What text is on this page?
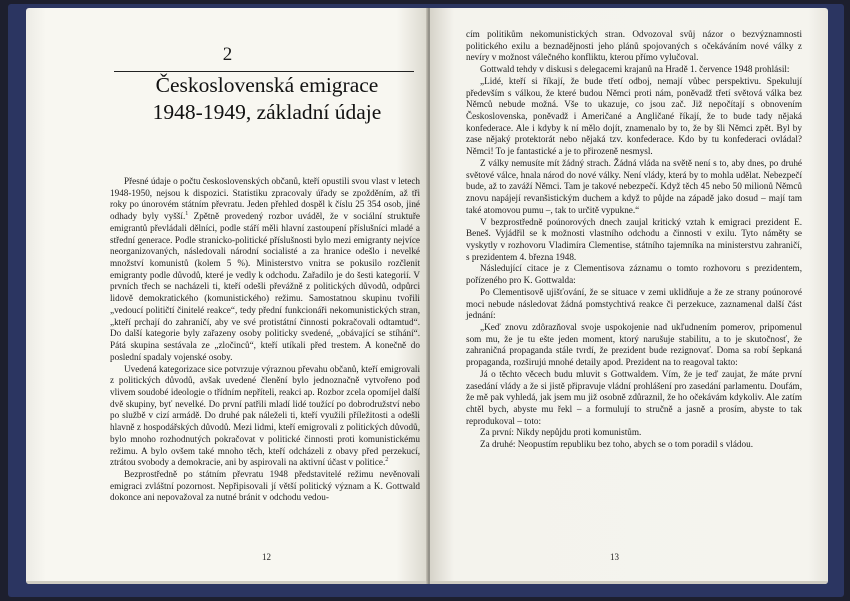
2
Československá emigrace
1948-1949, základní údaje

Přesné údaje o počtu československých občanů, kteří opustili svou vlast v letech 1948-1950, nejsou k dispozici. Statistiku zpracovaly úřady se zpožděním, až tři roky po únorovém státním převratu. Jeden přehled dospěl k číslu 25 354 osob, jiné odhady byly vyšší.$^1$ Zpětně provedený rozbor uváděl, že v sociální struktuře emigrantů převládali dělníci, podle stáří měli hlavní zastoupení příslušníci mladé a střední generace. Podle stranicko-politické příslušnosti bylo mezi emigranty nejvíce neorganizovaných, následovali národní socialisté a za hranice odešlo i nevelké množství komunistů (kolem 5 %). Ministerstvo vnitra se pokusilo rozčlenit emigranty podle důvodů, které je vedly k odchodu. Zařadilo je do šesti kategorií. V prvních třech se nacházeli ti, kteří odešli převážně z politických důvodů, odpůrci lidově demokratického (komunistického) režimu. Samostatnou skupinu tvořili „vedoucí političtí činitelé reakce“, tedy přední funkcionáři nekomunistických stran, „kteří prchají do zahraničí, aby ve své protistátní činnosti pokračovali odtamtud“. Do další kategorie byly zařazeny osoby politicky svedené, „obávající se stíhání“. Pátá skupina sestávala ze „zločinců“, kteří utíkali před trestem. A konečně do poslední spadaly vojenské osoby.

Uvedená kategorizace sice potvrzuje výraznou převahu občanů, kteří emigrovali z politických důvodů, avšak uvedené členění bylo jednoznačně vytvořeno pod vlivem soudobé ideologie o třídním nepříteli, reakci ap. Rozbor zcela opomíjel další dvě skupiny, byť nevelké. Do první patřili mladí lidé toužící po dobrodružství nebo po službě v cizí armádě. Do druhé pak náleželi ti, kteří využili příležitosti a odešli hlavně z hospodářských důvodů. Mezi lidmi, kteří emigrovali z politických důvodů, bylo mnoho rozhodnutých pokračovat v politické činnosti proti komunistickému režimu. A bylo ovšem také mnoho těch, kteří odcházeli z obavy před perzekucí, ztrátou svobody a demokracie, ani by aspirovali na aktivní účast v politice.$^2$

Bezprostředně po státním převratu 1948 představitelé režimu nevěnovali emigraci zvláštní pozornost. Nepřipisovali jí větší politický význam a K. Gottwald dokonce ani nepovažoval za nutné bránit v odchodu vedou-

12

cím politikům nekomunistických stran. Odvozoval svůj názor o bezvýznamnosti politického exilu a beznadějnosti jeho plánů spojovaných s očekáváním nové války z nevíry v možnost válečného konfliktu, kterou přímo vylučoval.

Gottwald tehdy v diskusi s delegacemi krajanů na Hradě 1. července 1948 prohlásil:

„Lidé, kteří si říkají, že bude třetí odboj, nemají vůbec perspektivu. Spekulují především s válkou, že které budou Němci proti nám, poněvadž třetí světová válka bez Němců nebude možná. Vše to ukazuje, co jsou zač. Již nepočítají s obnovením Československa, poněvadž i Američané a Angličané říkají, že to bude tady nějaká konfederace. Ale i kdyby k ní mělo dojít, znamenalo by to, že by šli Němci zpět. Byl by zase nějaký protektorát nebo nějaká tzv. konfederace. Kdo by tu konfederaci ovládal? Němci! To je fantastické a je to přirozeně nesmysl.

Z války nemusíte mít žádný strach. Žádná vláda na světě není s to, aby dnes, po druhé světové válce, hnala národ do nové války. Není vlády, která by to mohla udělat. Nebezpečí bude, až to zaváží Němci. Tam je takové nebezpečí. Když těch 45 nebo 50 milionů Němců znovu napájejí revanšistickým duchem a když to půjde na západě jako dosud – mají tam také atomovou pumu –, tak to určitě vypukne.“

V bezprostředně poúnorových dnech zaujal kritický vztah k emigraci prezident E. Beneš. Vyjádřil se k možnosti vlastního odchodu a činnosti v exilu. Tyto náměty se vyskytly v rozhovoru Vladimíra Clementise, státního tajemníka na ministerstvu zahraničí, s prezidentem 4. března 1948.

Následující citace je z Clementisova záznamu o tomto rozhovoru s prezidentem, pořízeného pro K. Gottwalda:

Po Clementisově ujišťování, že se situace v zemi uklidňuje a že ze strany poúnorové moci nebude následovat žádná pomstychtivá reakce či perzekuce, zaznamenal další část jednání:

„Keď znovu zdôrazňoval svoje uspokojenie nad ukľudnením pomerov, pripomenul som mu, že je tu ešte jeden moment, ktorý narušuje stabilitu, a to je skutočnosť, že zahraničná propaganda stále tvrdí, že prezident bude rezignovať. Doma sa robí šepkaná propaganda, rozširujú mnohé detaily apod. Prezident na to reagoval takto:

Já o těchto věcech budu mluvit s Gottwaldem. Vím, že je teď zaujat, že máte první zasedání vlády a že si jistě připravuje vládní prohlášení pro zasedání parlamentu. Doufám, že mě pak vyhledá, jak jsem mu již osobně zdůraznil, že ho očekávám kdykoliv. Ale zatím chtěl bych, abyste mu řekl – a formulují to stručně a jasně a prosím, abyste to tak reprodukoval – toto:

Za první: Nikdy nepůjdu proti komunistům.

Za druhé: Neopustím republiku bez toho, abych se o tom poradil s vládou.

13
